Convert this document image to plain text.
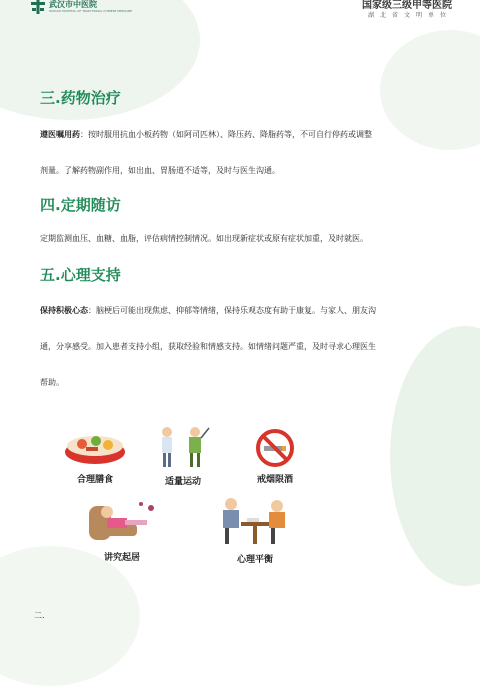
武汉市中医院
WUHAN HOSPITAL OF TRADITIONAL CHINESE MEDICINE	国家级三级甲等医院
湖北省文明单位
三.药物治疗

遵医嘱用药：按时服用抗血小板药物（如阿司匹林）、降压药、降脂药等，不可自行停药或调整

剂量。了解药物副作用，如出血、胃肠道不适等，及时与医生沟通。

四.定期随访

定期监测血压、血糖、血脂，评估病情控制情况。如出现新症状或原有症状加重，及时就医。

五.心理支持

保持积极心态：脑梗后可能出现焦虑、抑郁等情绪，保持乐观态度有助于康复。与家人、朋友沟

通，分享感受。加入患者支持小组，获取经验和情感支持。如情绪问题严重，及时寻求心理医生

帮助。

合理膳食	适量运动	戒烟限酒
讲究起居	心理平衡
二.
